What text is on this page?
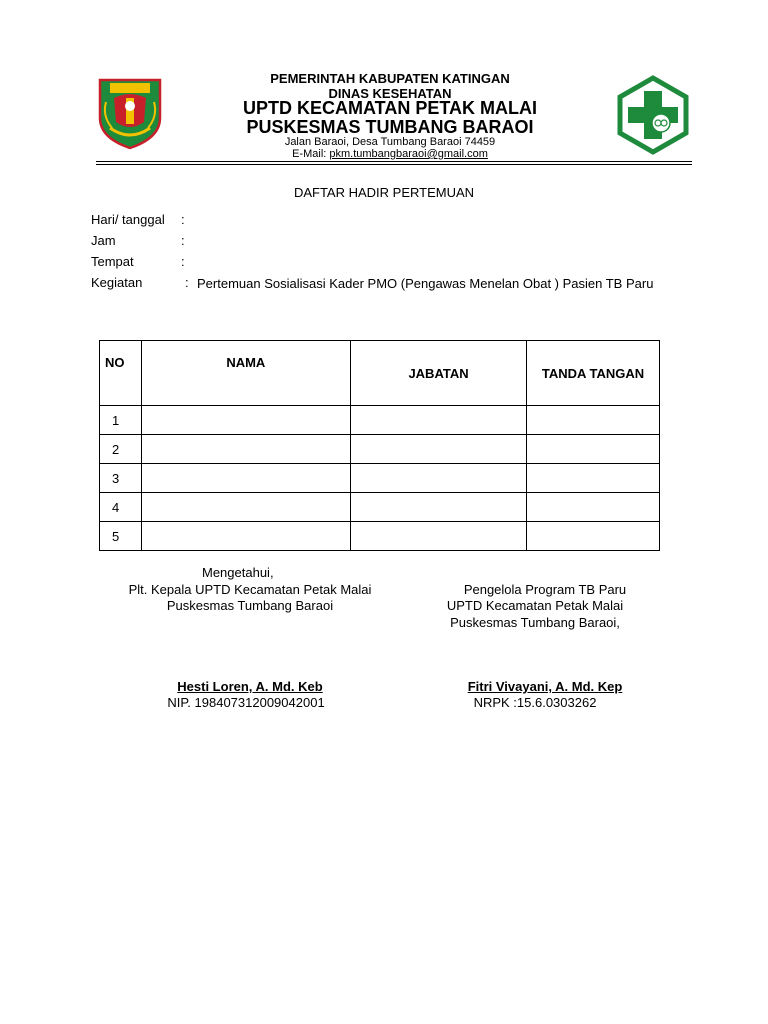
PEMERINTAH KABUPATEN KATINGAN
DINAS KESEHATAN
UPTD KECAMATAN PETAK MALAI
PUSKESMAS TUMBANG BARAOI
Jalan Baraoi, Desa Tumbang Baraoi 74459
E-Mail: pkm.tumbangbaraoi@gmail.com
DAFTAR HADIR PERTEMUAN
Hari/ tanggal :
Jam	:
Tempat	:
Kegiatan	: Pertemuan Sosialisasi Kader PMO (Pengawas Menelan Obat ) Pasien TB Paru
NO	NAMA	JABATAN	TANDA TANGAN
1			
2			
3			
4			
5			
Mengetahui,
Plt. Kepala UPTD Kecamatan Petak Malai
Puskesmas Tumbang Baraoi
Hesti Loren, A. Md. Keb
NIP. 198407312009042001
Pengelola Program TB Paru
UPTD Kecamatan Petak Malai
Puskesmas Tumbang Baraoi,
Fitri Vivayani, A. Md. Kep
NRPK :15.6.0303262
